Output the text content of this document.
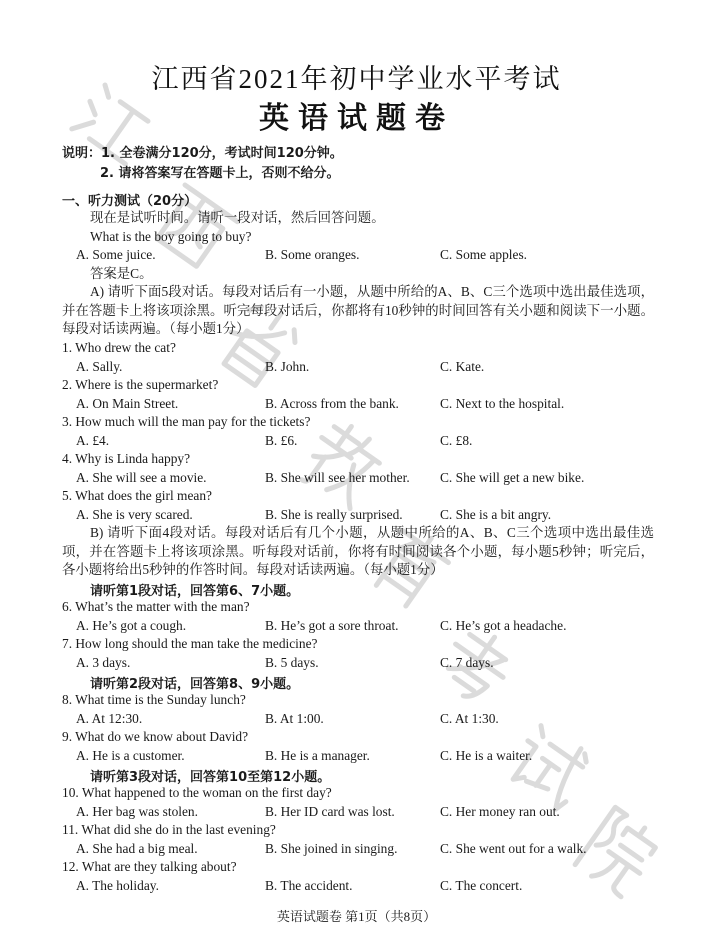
江西省2021年初中学业水平考试
英语试题卷
说明：1. 全卷满分120分，考试时间120分钟。
2. 请将答案写在答题卡上，否则不给分。
一、听力测试（20分）
现在是试听时间。请听一段对话，然后回答问题。
What is the boy going to buy?
A. Some juice.	B. Some oranges.	C. Some apples.
答案是C。
A) 请听下面5段对话。每段对话后有一小题，从题中所给的A、B、C三个选项中选出最佳选项，并在答题卡上将该项涂黑。听完每段对话后，你都将有10秒钟的时间回答有关小题和阅读下一小题。每段对话读两遍。（每小题1分）
1. Who drew the cat?
A. Sally.	B. John.	C. Kate.
2. Where is the supermarket?
A. On Main Street.	B. Across from the bank.	C. Next to the hospital.
3. How much will the man pay for the tickets?
A. £4.	B. £6.	C. £8.
4. Why is Linda happy?
A. She will see a movie.	B. She will see her mother. C. She will get a new bike.
5. What does the girl mean?
A. She is very scared.	B. She is really surprised.	C. She is a bit angry.
B) 请听下面4段对话。每段对话后有几个小题，从题中所给的A、B、C三个选项中选出最佳选项，并在答题卡上将该项涂黑。听每段对话前，你将有时间阅读各个小题，每小题5秒钟；听完后，各小题将给出5秒钟的作答时间。每段对话读两遍。（每小题1分）
请听第1段对话，回答第6、7小题。
6. What’s the matter with the man?
A. He’s got a cough.	B. He’s got a sore throat.	C. He’s got a headache.
7. How long should the man take the medicine?
A. 3 days.	B. 5 days.	C. 7 days.
请听第2段对话，回答第8、9小题。
8. What time is the Sunday lunch?
A. At 12:30.	B. At 1:00.	C. At 1:30.
9. What do we know about David?
A. He is a customer.	B. He is a manager.	C. He is a waiter.
请听第3段对话，回答第10至第12小题。
10. What happened to the woman on the first day?
A. Her bag was stolen.	B. Her ID card was lost.	C. Her money ran out.
11. What did she do in the last evening?
A. She had a big meal.	B. She joined in singing.	C. She went out for a walk.
12. What are they talking about?
A. The holiday.	B. The accident.	C. The concert.
英语试题卷 第1页（共8页）
